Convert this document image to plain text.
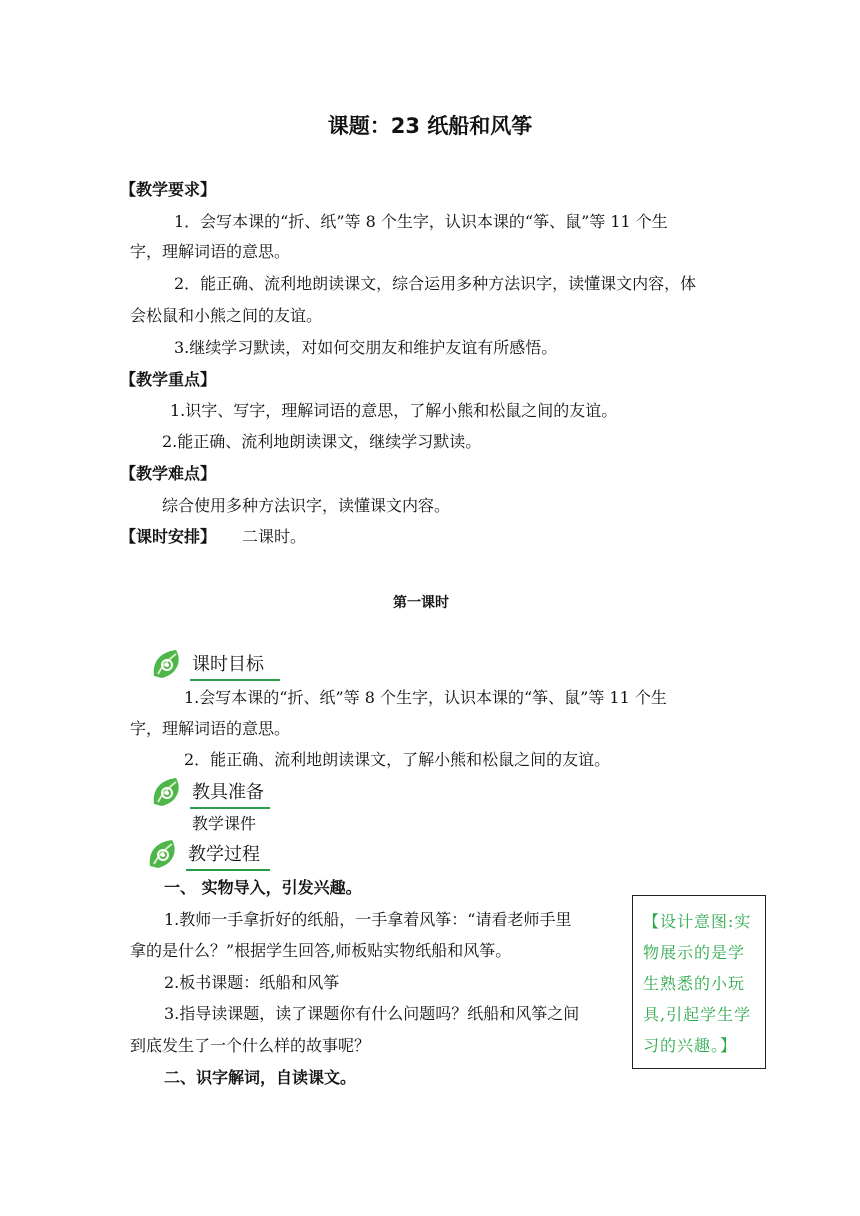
课题：23 纸船和风筝
【教学要求】
1．会写本课的“折、纸”等 8 个生字，认识本课的“筝、鼠”等 11 个生
字，理解词语的意思。
2．能正确、流利地朗读课文，综合运用多种方法识字，读懂课文内容，体
会松鼠和小熊之间的友谊。
3.继续学习默读，对如何交朋友和维护友谊有所感悟。
【教学重点】
1.识字、写字，理解词语的意思，了解小熊和松鼠之间的友谊。
2.能正确、流利地朗读课文，继续学习默读。
【教学难点】
综合使用多种方法识字，读懂课文内容。
【课时安排】 二课时。
第一课时
课时目标
1.会写本课的“折、纸”等 8 个生字，认识本课的“筝、鼠”等 11 个生
字，理解词语的意思。
2．能正确、流利地朗读课文，了解小熊和松鼠之间的友谊。
教具准备
教学课件
教学过程
一、 实物导入，引发兴趣。
1.教师一手拿折好的纸船，一手拿着风筝：“请看老师手里
拿的是什么？”根据学生回答,师板贴实物纸船和风筝。
2.板书课题：纸船和风筝
3.指导读课题，读了课题你有什么问题吗？纸船和风筝之间
到底发生了一个什么样的故事呢？
二、识字解词，自读课文。
【设计意图:实
物展示的是学
生熟悉的小玩
具,引起学生学
习的兴趣。】
